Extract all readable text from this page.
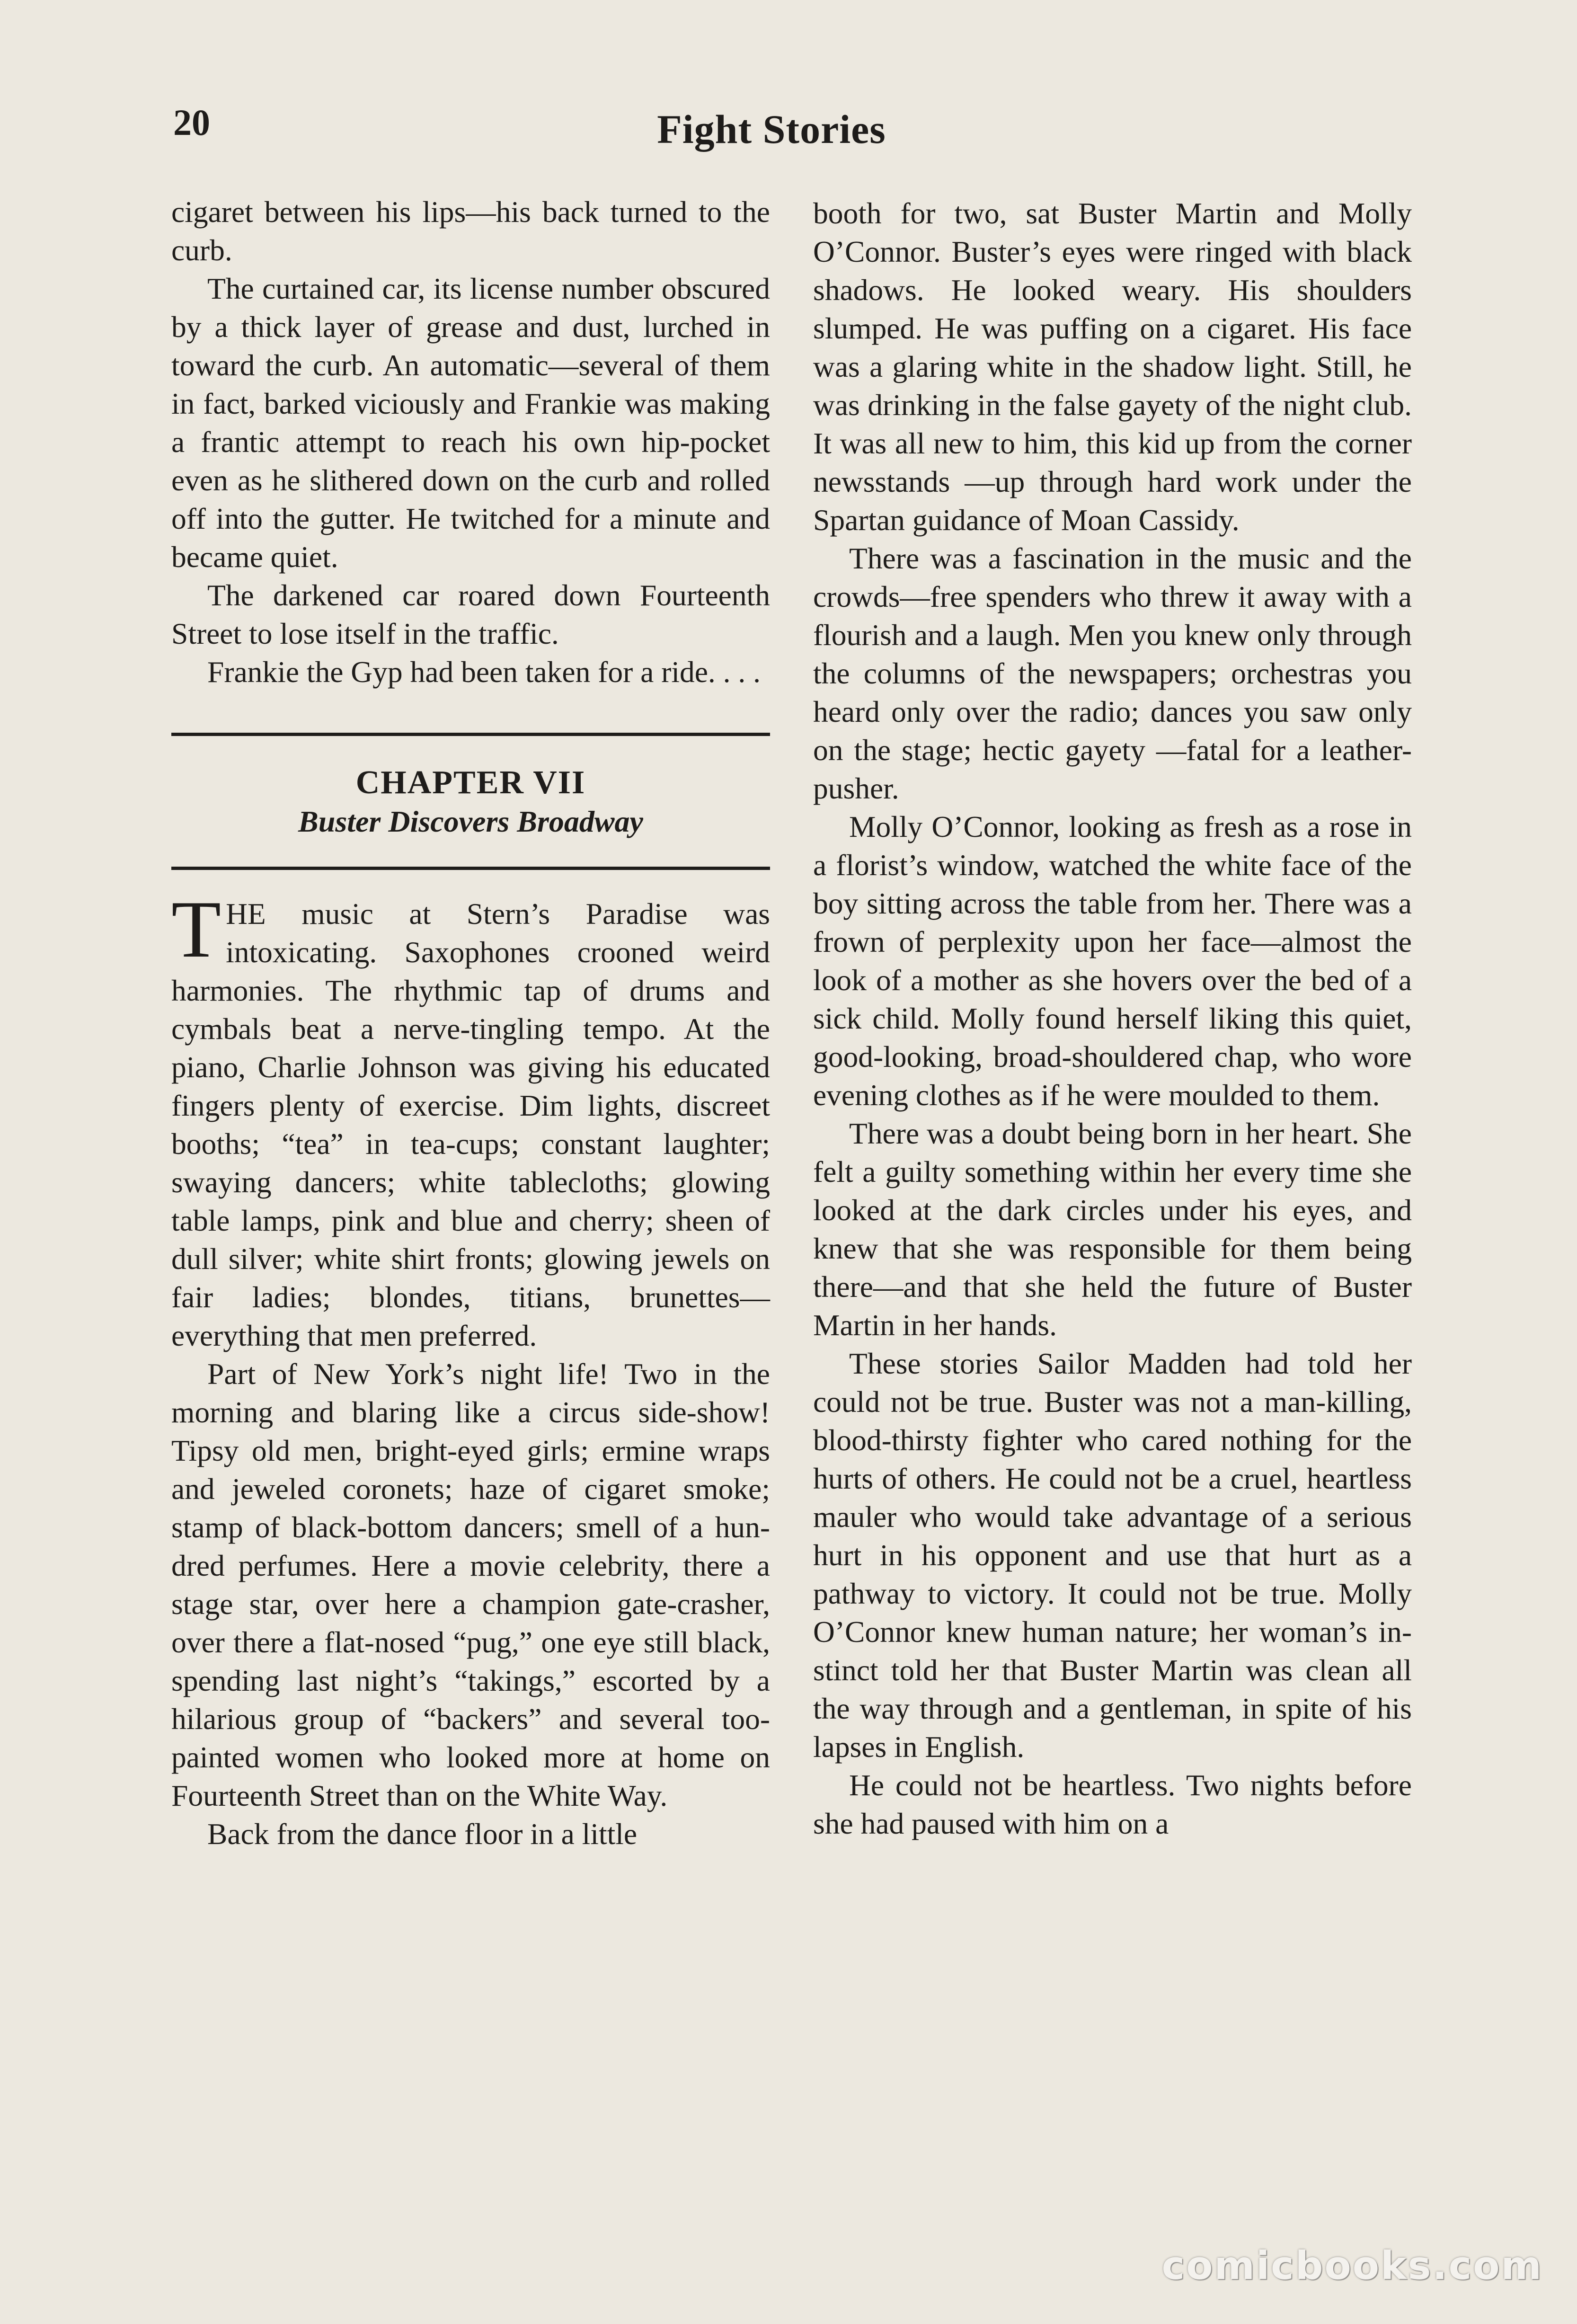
20	Fight Stories

cigaret between his lips—his back turned to the curb.

The curtained car, its license number obscured by a thick layer of grease and dust, lurched in toward the curb. An automatic—several of them in fact, barked viciously and Frankie was making a frantic attempt to reach his own hip-pocket even as he slithered down on the curb and rolled off into the gutter. He twitched for a minute and became quiet.

The darkened car roared down Fourteenth Street to lose itself in the traffic.

Frankie the Gyp had been taken for a ride. . . .

CHAPTER VII
Buster Discovers Broadway

THE music at Stern’s Paradise was intoxicating. Saxophones crooned weird harmonies. The rhythmic tap of drums and cymbals beat a nerve-tingling tempo. At the piano, Charlie Johnson was giving his educated fingers plenty of exercise. Dim lights, discreet booths; “tea” in tea-cups; constant laughter; swaying dancers; white tablecloths; glowing table lamps, pink and blue and cherry; sheen of dull silver; white shirt fronts; glowing jewels on fair ladies; blondes, titians, brunettes—everything that men preferred.

Part of New York’s night life! Two in the morning and blaring like a circus side-show! Tipsy old men, bright-eyed girls; ermine wraps and jeweled coronets; haze of cigaret smoke; stamp of black-bottom dancers; smell of a hundred perfumes. Here a movie celebrity, there a stage star, over here a champion gate-crasher, over there a flat-nosed “pug,” one eye still black, spending last night’s “takings,” escorted by a hilarious group of “backers” and several too-painted women who looked more at home on Fourteenth Street than on the White Way.

Back from the dance floor in a little

booth for two, sat Buster Martin and Molly O’Connor. Buster’s eyes were ringed with black shadows. He looked weary. His shoulders slumped. He was puffing on a cigaret. His face was a glaring white in the shadow light. Still, he was drinking in the false gayety of the night club. It was all new to him, this kid up from the corner newsstands —up through hard work under the Spartan guidance of Moan Cassidy.

There was a fascination in the music and the crowds—free spenders who threw it away with a flourish and a laugh. Men you knew only through the columns of the newspapers; orchestras you heard only over the radio; dances you saw only on the stage; hectic gayety —fatal for a leather-pusher.

Molly O’Connor, looking as fresh as a rose in a florist’s window, watched the white face of the boy sitting across the table from her. There was a frown of perplexity upon her face—almost the look of a mother as she hovers over the bed of a sick child. Molly found herself liking this quiet, good-looking, broad-shouldered chap, who wore evening clothes as if he were moulded to them.

There was a doubt being born in her heart. She felt a guilty something within her every time she looked at the dark circles under his eyes, and knew that she was responsible for them being there—and that she held the future of Buster Martin in her hands.

These stories Sailor Madden had told her could not be true. Buster was not a man-killing, blood-thirsty fighter who cared nothing for the hurts of others. He could not be a cruel, heartless mauler who would take advantage of a serious hurt in his opponent and use that hurt as a pathway to victory. It could not be true. Molly O’Connor knew human nature; her woman’s instinct told her that Buster Martin was clean all the way through and a gentleman, in spite of his lapses in English.

He could not be heartless. Two nights before she had paused with him on a

comicbooks.com
